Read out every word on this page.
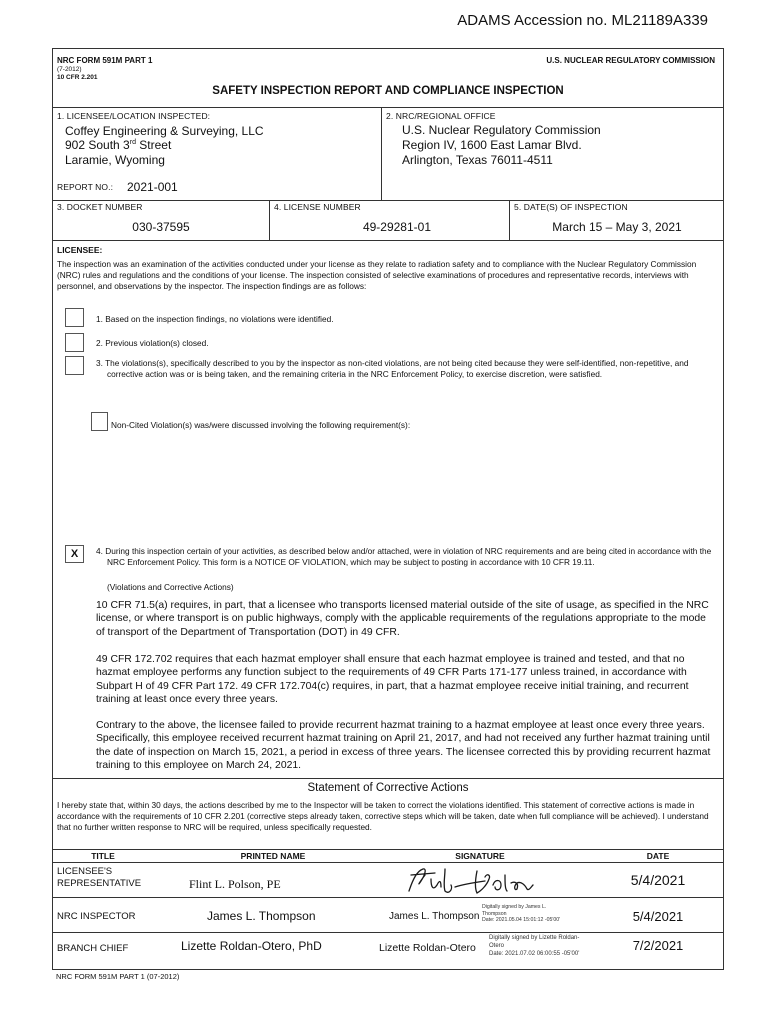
ADAMS Accession no. ML21189A339
NRC FORM 591M PART 1
(7-2012)
10 CFR 2.201
U.S. NUCLEAR REGULATORY COMMISSION
SAFETY INSPECTION REPORT AND COMPLIANCE INSPECTION
1. LICENSEE/LOCATION INSPECTED:
Coffey Engineering & Surveying, LLC
902 South 3rd Street
Laramie, Wyoming
2. NRC/REGIONAL OFFICE
U.S. Nuclear Regulatory Commission
Region IV, 1600 East Lamar Blvd.
Arlington, Texas 76011-4511
REPORT NO.: 2021-001
3. DOCKET NUMBER
030-37595
4. LICENSE NUMBER
49-29281-01
5. DATE(S) OF INSPECTION
March 15 – May 3, 2021
LICENSEE:
The inspection was an examination of the activities conducted under your license as they relate to radiation safety and to compliance with the Nuclear Regulatory Commission (NRC) rules and regulations and the conditions of your license. The inspection consisted of selective examinations of procedures and representative records, interviews with personnel, and observations by the inspector. The inspection findings are as follows:
1. Based on the inspection findings, no violations were identified.
2. Previous violation(s) closed.
3. The violations(s), specifically described to you by the inspector as non-cited violations, are not being cited because they were self-identified, non-repetitive, and corrective action was or is being taken, and the remaining criteria in the NRC Enforcement Policy, to exercise discretion, were satisfied.
Non-Cited Violation(s) was/were discussed involving the following requirement(s):
X	4. During this inspection certain of your activities, as described below and/or attached, were in violation of NRC requirements and are being cited in accordance with the NRC Enforcement Policy. This form is a NOTICE OF VIOLATION, which may be subject to posting in accordance with 10 CFR 19.11.
(Violations and Corrective Actions)
10 CFR 71.5(a) requires, in part, that a licensee who transports licensed material outside of the site of usage, as specified in the NRC license, or where transport is on public highways, comply with the applicable requirements of the regulations appropriate to the mode of transport of the Department of Transportation (DOT) in 49 CFR.
49 CFR 172.702 requires that each hazmat employer shall ensure that each hazmat employee is trained and tested, and that no hazmat employee performs any function subject to the requirements of 49 CFR Parts 171-177 unless trained, in accordance with Subpart H of 49 CFR Part 172. 49 CFR 172.704(c) requires, in part, that a hazmat employee receive initial training, and recurrent training at least once every three years.
Contrary to the above, the licensee failed to provide recurrent hazmat training to a hazmat employee at least once every three years. Specifically, this employee received recurrent hazmat training on April 21, 2017, and had not received any further hazmat training until the date of inspection on March 15, 2021, a period in excess of three years. The licensee corrected this by providing recurrent hazmat training to this employee on March 24, 2021.
Statement of Corrective Actions
I hereby state that, within 30 days, the actions described by me to the Inspector will be taken to correct the violations identified. This statement of corrective actions is made in accordance with the requirements of 10 CFR 2.201 (corrective steps already taken, corrective steps which will be taken, date when full compliance will be achieved). I understand that no further written response to NRC will be required, unless specifically requested.
TITLE	PRINTED NAME	SIGNATURE	DATE
LICENSEE'S
REPRESENTATIVE	Flint L. Polson, PE	5/4/2021
NRC INSPECTOR	James L. Thompson	James L. Thompson
Digitally signed by James L.
Thompson
Date: 2021.05.04 15:01:12 -05'00'	5/4/2021
BRANCH CHIEF	Lizette Roldan-Otero, PhD	Lizette Roldan-Otero
Digitally signed by Lizette Roldan-
Otero
Date: 2021.07.02 06:00:55 -05'00'
7/2/2021
NRC FORM 591M PART 1 (07-2012)
